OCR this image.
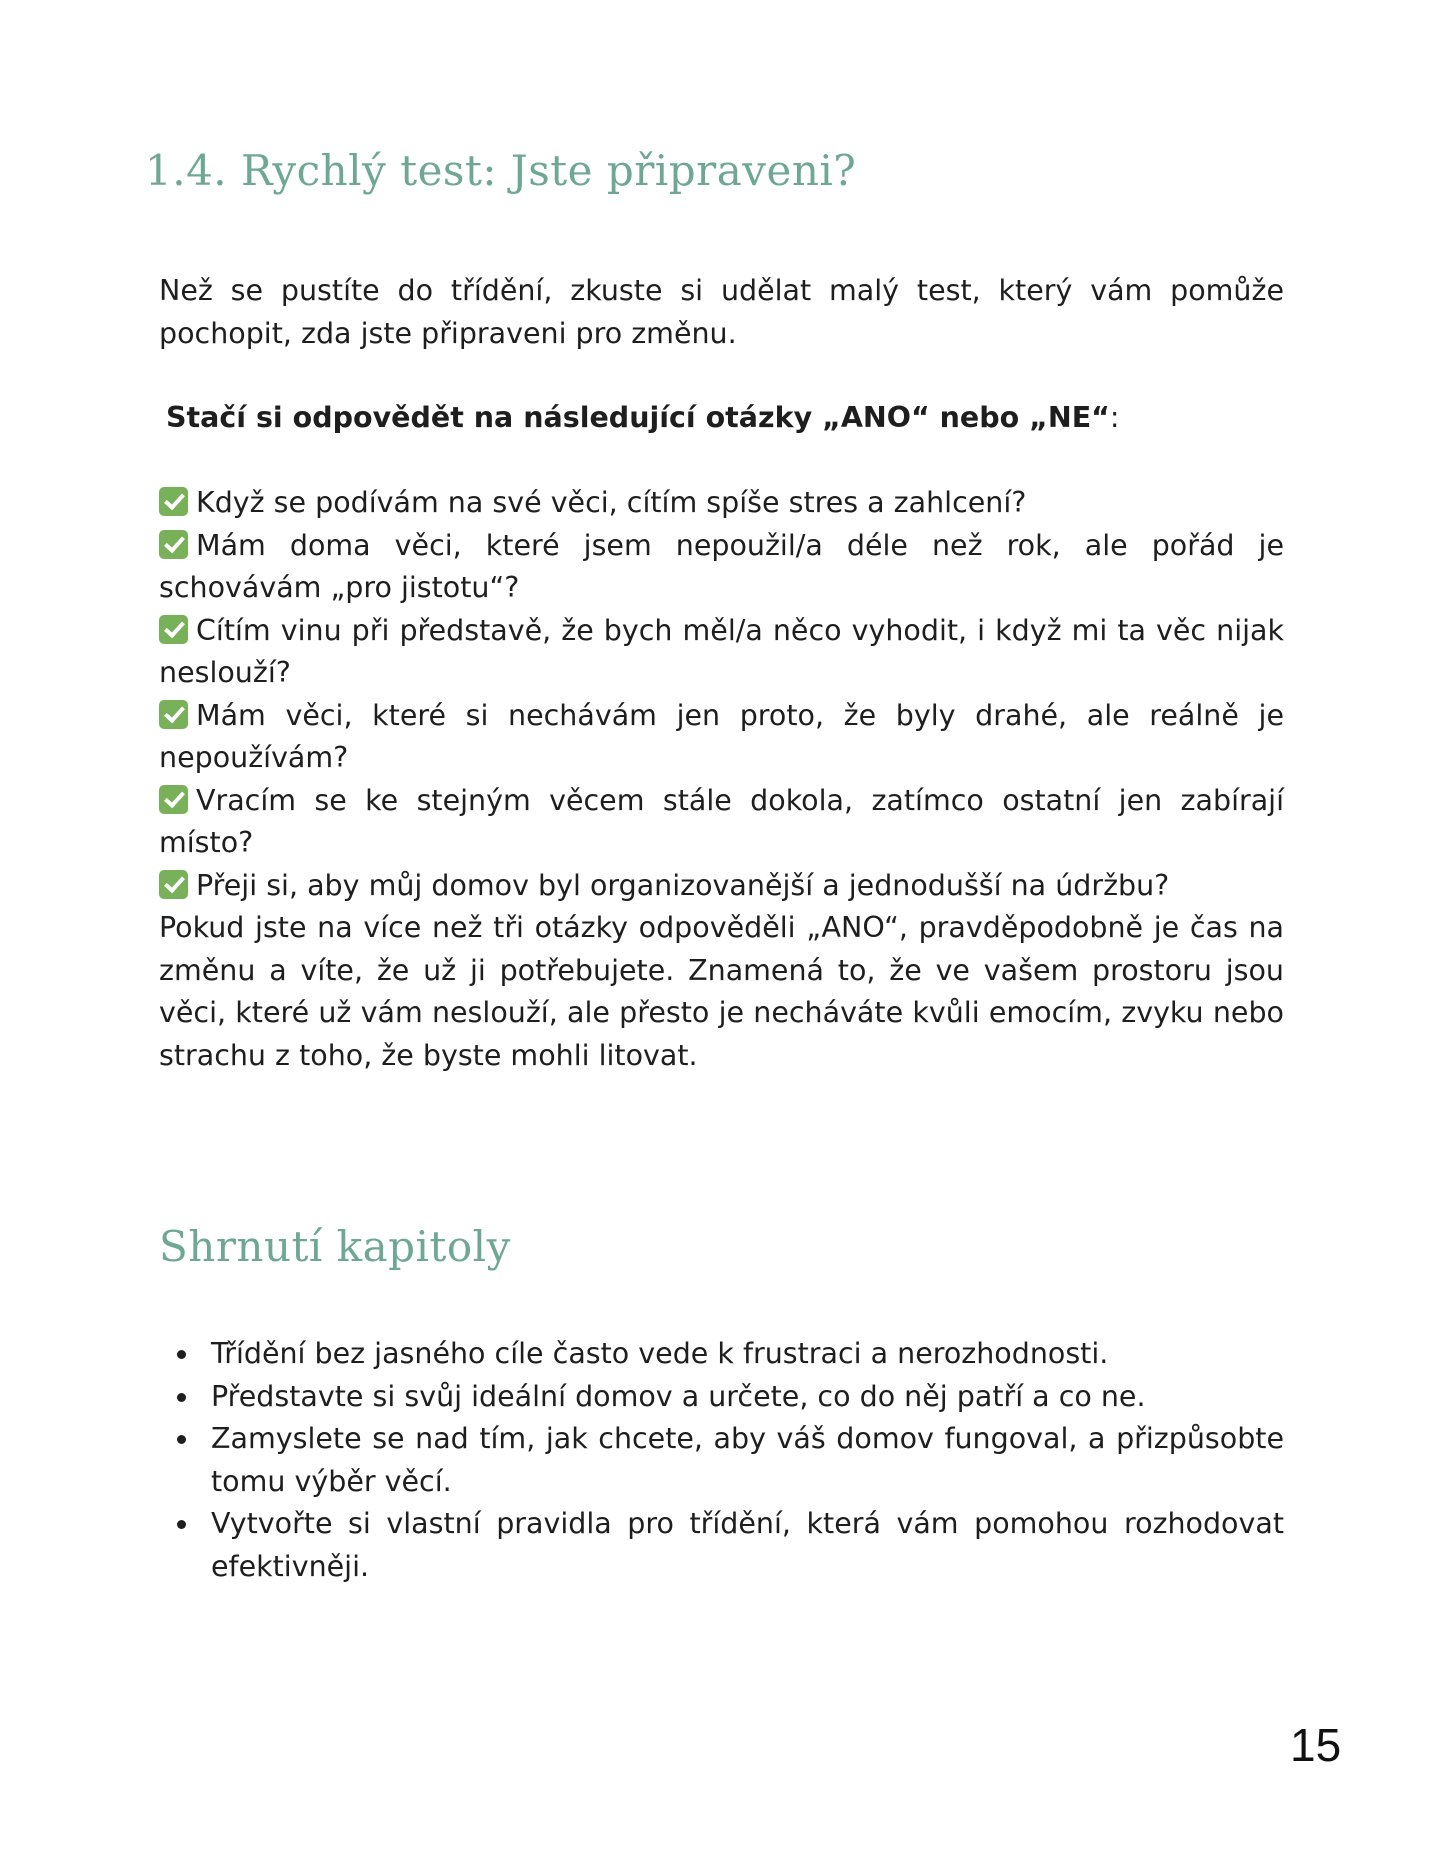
1.4. Rychlý test: Jste připraveni?

Než se pustíte do třídění, zkuste si udělat malý test, který vám pomůže pochopit, zda jste připraveni pro změnu.

Stačí si odpovědět na následující otázky „ANO“ nebo „NE“:

Když se podívám na své věci, cítím spíše stres a zahlcení?
Mám doma věci, které jsem nepoužil/a déle než rok, ale pořád je schovávám „pro jistotu“?
Cítím vinu při představě, že bych měl/a něco vyhodit, i když mi ta věc nijak neslouží?
Mám věci, které si nechávám jen proto, že byly drahé, ale reálně je nepoužívám?
Vracím se ke stejným věcem stále dokola, zatímco ostatní jen zabírají místo?
Přeji si, aby můj domov byl organizovanější a jednodušší na údržbu?

Pokud jste na více než tři otázky odpověděli „ANO“, pravděpodobně je čas na změnu a víte, že už ji potřebujete. Znamená to, že ve vašem prostoru jsou věci, které už vám neslouží, ale přesto je necháváte kvůli emocím, zvyku nebo strachu z toho, že byste mohli litovat.

Shrnutí kapitoly
Třídění bez jasného cíle často vede k frustraci a nerozhodnosti.
Představte si svůj ideální domov a určete, co do něj patří a co ne.
Zamyslete se nad tím, jak chcete, aby váš domov fungoval, a přizpůsobte tomu výběr věcí.
Vytvořte si vlastní pravidla pro třídění, která vám pomohou rozhodovat efektivněji.
15
